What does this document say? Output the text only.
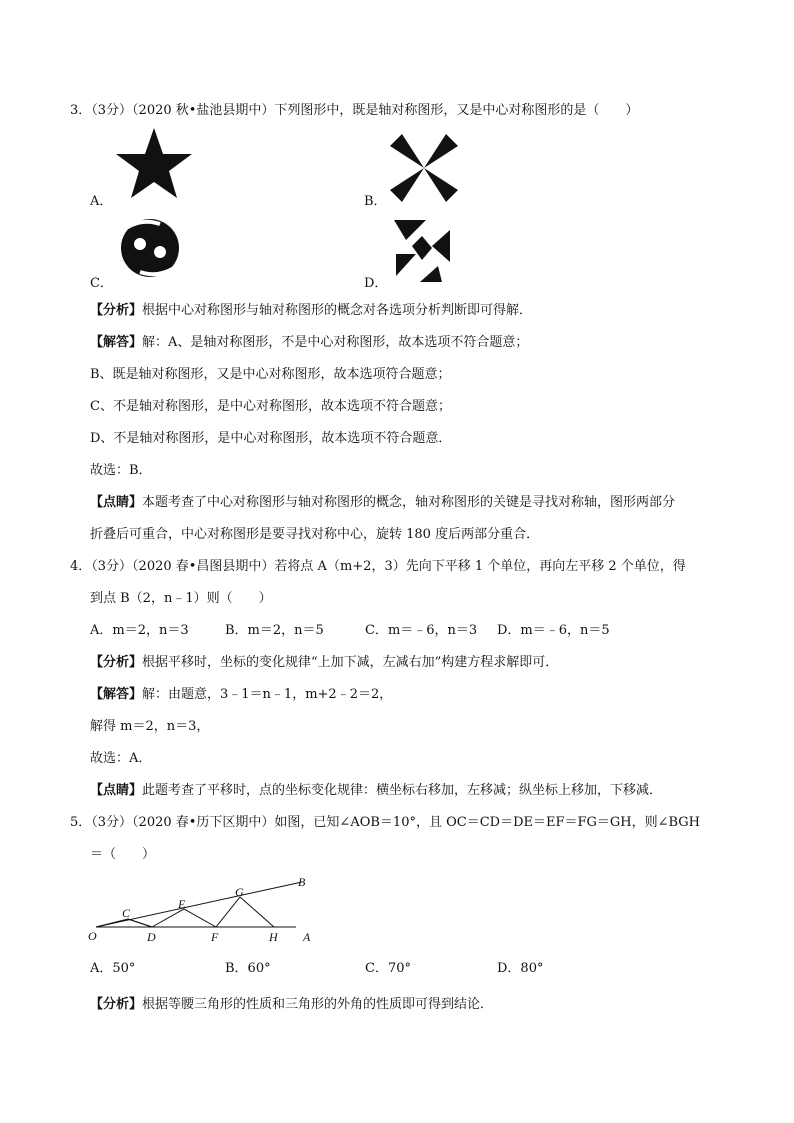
3．（3分）（2020 秋•盐池县期中）下列图形中，既是轴对称图形，又是中心对称图形的是（　　）
A．	B．
C．	D．
【分析】根据中心对称图形与轴对称图形的概念对各选项分析判断即可得解．
【解答】解：A、是轴对称图形，不是中心对称图形，故本选项不符合题意；
B、既是轴对称图形，又是中心对称图形，故本选项符合题意；
C、不是轴对称图形，是中心对称图形，故本选项不符合题意；
D、不是轴对称图形，是中心对称图形，故本选项不符合题意．
故选：B．
【点睛】本题考查了中心对称图形与轴对称图形的概念，轴对称图形的关键是寻找对称轴，图形两部分
折叠后可重合，中心对称图形是要寻找对称中心，旋转 180 度后两部分重合．
4．（3分）（2020 春•昌图县期中）若将点 A（m+2，3）先向下平移 1 个单位，再向左平移 2 个单位，得
到点 B（2，n﹣1）则（　　）
A．m＝2，n＝3	B．m＝2，n＝5	C．m＝﹣6，n＝3 D．m＝﹣6，n＝5
【分析】根据平移时，坐标的变化规律“上加下减，左减右加”构建方程求解即可．
【解答】解：由题意，3﹣1＝n﹣1，m+2﹣2＝2，
解得 m＝2，n＝3，
故选：A．
【点睛】此题考查了平移时，点的坐标变化规律：横坐标右移加，左移减；纵坐标上移加，下移减．
5．（3分）（2020 春•历下区期中）如图，已知∠AOB＝10°，且 OC＝CD＝DE＝EF＝FG＝GH，则∠BGH
＝（　　）
O
C
D
E
F
G
H A
B
A．50°	B．60°	C．70°	D．80°
【分析】根据等腰三角形的性质和三角形的外角的性质即可得到结论．
